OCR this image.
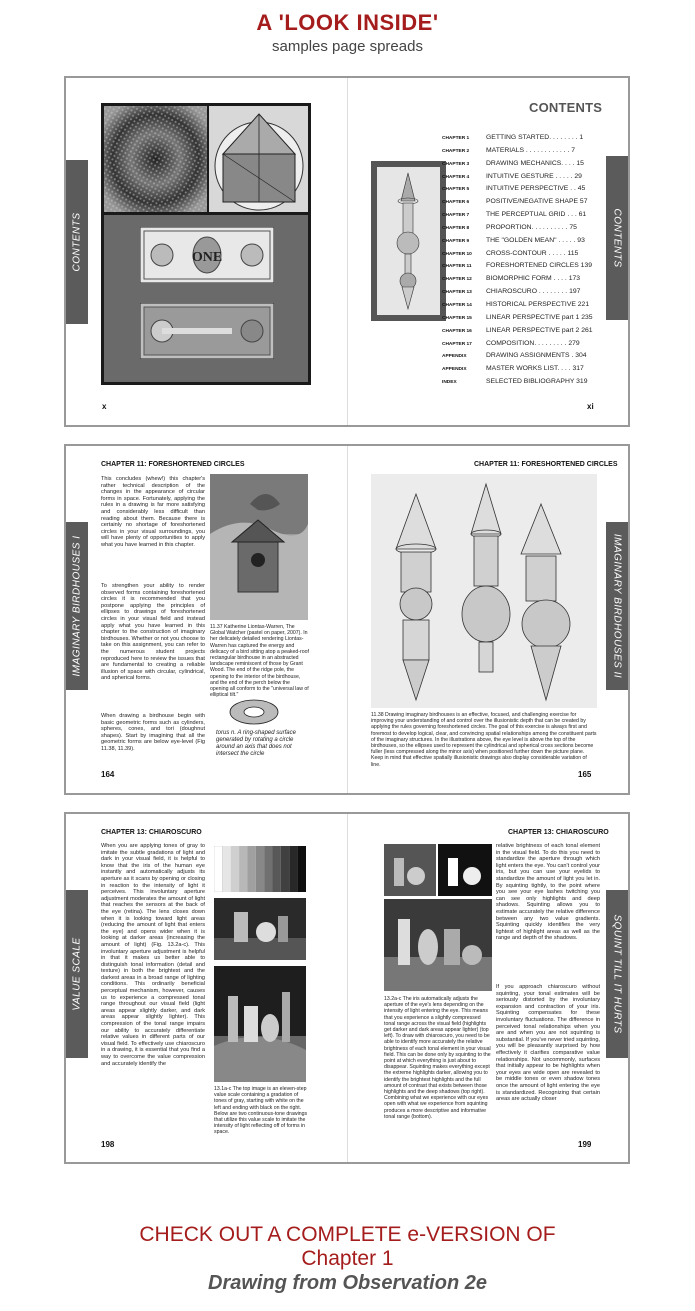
A 'LOOK INSIDE'
samples page spreads
CONTENTS	ONE
x
CONTENTS
CONTENTS
CHAPTER 1 GETTING STARTED. . . . . . . . 1
CHAPTER 2 MATERIALS . . . . . . . . . . . . 7
CHAPTER 3 DRAWING MECHANICS. . . . 15
CHAPTER 4 INTUITIVE GESTURE . . . . . 29
CHAPTER 5 INTUITIVE PERSPECTIVE . . 45
CHAPTER 6 POSITIVE/NEGATIVE SHAPE 57
CHAPTER 7 THE PERCEPTUAL GRID . . . 61
CHAPTER 8 PROPORTION. . . . . . . . . . 75
CHAPTER 9 THE "GOLDEN MEAN" . . . . . 93
CHAPTER 10 CROSS-CONTOUR . . . . . 115
CHAPTER 11 FORESHORTENED CIRCLES 139
CHAPTER 12 BIOMORPHIC FORM . . . . 173
CHAPTER 13 CHIAROSCURO . . . . . . . . 197
CHAPTER 14 HISTORICAL PERSPECTIVE 221
CHAPTER 15 LINEAR PERSPECTIVE part 1 235
CHAPTER 16 LINEAR PERSPECTIVE part 2 261
CHAPTER 17 COMPOSITION. . . . . . . . . 279
APPENDIX	DRAWING ASSIGNMENTS . 304
APPENDIX	MASTER WORKS LIST. . . . 317
INDEX	SELECTED BIBLIOGRAPHY 319
xi
CHAPTER 11: FORESHORTENED CIRCLES
IMAGINARY BIRDHOUSES I
This concludes (whew!) this chapter's rather technical description of the changes in the appearance of circular forms in space. Fortunately, applying the rules in a drawing is far more satisfying and considerably less difficult than reading about them. Because there is certainly no shortage of foreshortened circles in your visual surroundings, you will have plenty of opportunities to apply what you have learned in this chapter.
To strengthen your ability to render observed forms containing foreshortened circles it is recommended that you postpone applying the principles of ellipses to drawings of foreshortened circles in your visual field and instead apply what you have learned in this chapter to the construction of imaginary birdhouses. Whether or not you choose to take on this assignment, you can refer to the numerous student projects reproduced here to review the issues that are fundamental to creating a reliable illusion of space with circular, cylindrical, and spherical forms.
When drawing a birdhouse begin with basic geometric forms such as cylinders, spheres, cones, and tori (doughnut shapes). Start by imagining that all the geometric forms are below eye-level (Fig 11.38, 11.39).
11.37 Katherine Liontas-Warren, The Global Watcher (pastel on paper, 2007). In her delicately detailed rendering Liontas-Warren has captured the energy and delicacy of a bird sitting atop a peaked-roof rectangular birdhouse in an abstracted landscape reminiscent of those by Grant Wood. The end of the ridge pole, the opening to the interior of the birdhouse, and the end of the perch below the opening all conform to the "universal law of elliptical tilt."
torus n. A ring-shaped surface generated by rotating a circle around an axis that does not intersect the circle
164
CHAPTER 11: FORESHORTENED CIRCLES
IMAGINARY BIRDHOUSES II
11.38 Drawing imaginary birdhouses is an effective, focused, and challenging exercise for improving your understanding of and control over the illusionistic depth that can be created by applying the rules governing foreshortened circles. The goal of this exercise is always first and foremost to develop logical, clear, and convincing spatial relationships among the constituent parts of the imaginary structures. In the illustrations above, the eye level is above the top of the birdhouses, so the ellipses used to represent the cylindrical and spherical cross sections become fuller (less compressed along the minor axis) when positioned further down the picture plane. Keep in mind that effective spatially illusionistic drawings also display considerable variation of line.
165
CHAPTER 13: CHIAROSCURO
VALUE SCALE
When you are applying tones of gray to imitate the subtle gradations of light and dark in your visual field, it is helpful to know that the iris of the human eye instantly and automatically adjusts its aperture as it scans by opening or closing in reaction to the intensity of light it perceives. This involuntary aperture adjustment moderates the amount of light that reaches the sensors at the back of the eye (retina). The lens closes down when it is looking toward light areas (reducing the amount of light that enters the eye) and opens wider when it is looking at darker areas (increasing the amount of light) (Fig. 13.2a-c). This involuntary aperture adjustment is helpful in that it makes us better able to distinguish tonal information (detail and texture) in both the brightest and the darkest areas in a broad range of lighting conditions. This ordinarily beneficial perceptual mechanism, however, causes us to experience a compressed tonal range throughout our visual field (light areas appear slightly darker, and dark areas appear slightly lighter). This compression of the tonal range impairs our ability to accurately differentiate relative values in different parts of our visual field. To effectively use chiaroscuro in a drawing, it is essential that you find a way to overcome the value compression and accurately identify the
13.1a-c The top image is an eleven-step value scale containing a gradation of tones of gray, starting with white on the left and ending with black on the right. Below are two continuous-tone drawings that utilize this value scale to imitate the intensity of light reflecting off of forms in space.
198
CHAPTER 13: CHIAROSCURO
SQUINT TILL IT HURTS
13.2a-c The iris automatically adjusts the aperture of the eye's lens depending on the intensity of light entering the eye. This means that you experience a slightly compressed tonal range across the visual field (highlights get darker and dark areas appear lighter) (top left). To draw with chiaroscuro, you need to be able to identify more accurately the relative brightness of each tonal element in your visual field. This can be done only by squinting to the point at which everything is just about to disappear. Squinting makes everything except the extreme highlights darker, allowing you to identify the brightest highlights and the full amount of contrast that exists between those highlights and the deep shadows (top right). Combining what we experience with our eyes open with what we experience from squinting produces a more descriptive and informative tonal range (bottom).
relative brightness of each tonal element in the visual field. To do this you need to standardize the aperture through which light enters the eye. You can't control your iris, but you can use your eyelids to standardize the amount of light you let in. By squinting tightly, to the point where you see your eye lashes twitching you can see only highlights and deep shadows. Squinting allows you to estimate accurately the relative difference between any two value gradients. Squinting quickly identifies the very lightest of highlight areas as well as the range and depth of the shadows.
If you approach chiaroscuro without squinting, your tonal estimates will be seriously distorted by the involuntary expansion and contraction of your iris. Squinting compensates for these involuntary fluctuations. The difference in perceived tonal relationships when you are and when you are not squinting is substantial. If you've never tried squinting, you will be pleasantly surprised by how effectively it clarifies comparative value relationships. Not uncommonly, surfaces that initially appear to be highlights when your eyes are wide open are revealed to be middle tones or even shadow tones once the amount of light entering the eye is standardized. Recognizing that certain areas are actually closer
199
CHECK OUT A COMPLETE e-VERSION OF
Chapter 1
Drawing from Observation 2e
